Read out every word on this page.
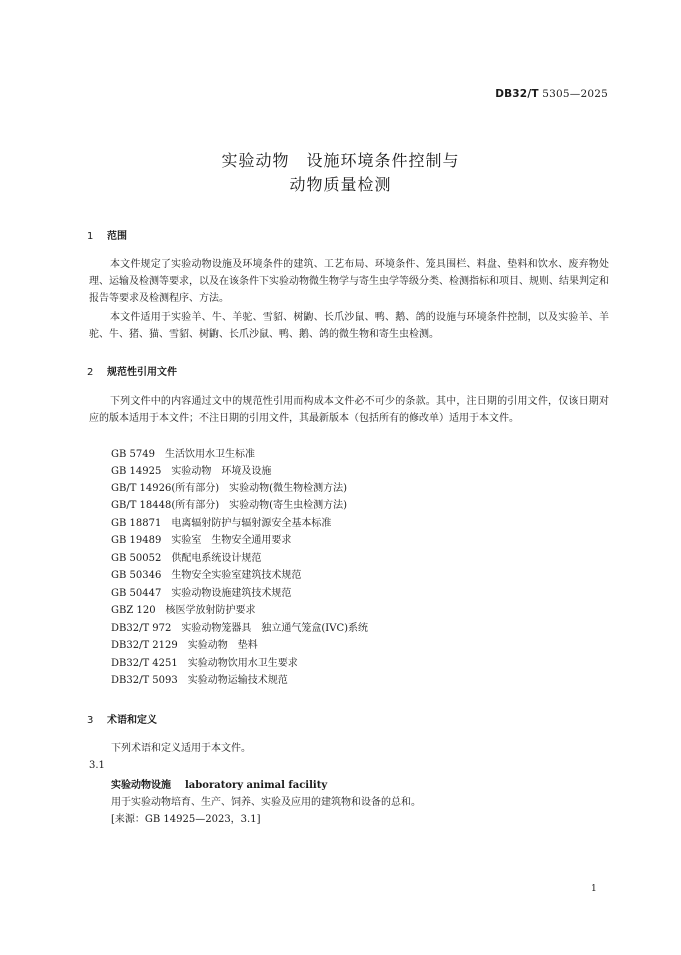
DB32/T 5305—2025
实验动物　设施环境条件控制与
动物质量检测
1 范围

本文件规定了实验动物设施及环境条件的建筑、工艺布局、环境条件、笼具围栏、料盘、垫料和饮水、废弃物处理、运输及检测等要求，以及在该条件下实验动物微生物学与寄生虫学等级分类、检测指标和项目、规则、结果判定和报告等要求及检测程序、方法。

本文件适用于实验羊、牛、羊驼、雪貂、树鼩、长爪沙鼠、鸭、鹅、鸽的设施与环境条件控制，以及实验羊、羊驼、牛、猪、猫、雪貂、树鼩、长爪沙鼠、鸭、鹅、鸽的微生物和寄生虫检测。

2 规范性引用文件

下列文件中的内容通过文中的规范性引用而构成本文件必不可少的条款。其中，注日期的引用文件，仅该日期对应的版本适用于本文件；不注日期的引用文件，其最新版本（包括所有的修改单）适用于本文件。

GB 5749　生活饮用水卫生标准
GB 14925　实验动物　环境及设施
GB/T 14926(所有部分)　实验动物(微生物检测方法)
GB/T 18448(所有部分)　实验动物(寄生虫检测方法)
GB 18871　电离辐射防护与辐射源安全基本标准
GB 19489　实验室　生物安全通用要求
GB 50052　供配电系统设计规范
GB 50346　生物安全实验室建筑技术规范
GB 50447　实验动物设施建筑技术规范
GBZ 120　核医学放射防护要求
DB32/T 972　实验动物笼器具　独立通气笼盒(IVC)系统
DB32/T 2129　实验动物　垫料
DB32/T 4251　实验动物饮用水卫生要求
DB32/T 5093　实验动物运输技术规范
3 术语和定义
下列术语和定义适用于本文件。
3.1
实验动物设施 laboratory animal facility
用于实验动物培育、生产、饲养、实验及应用的建筑物和设备的总和。
[来源：GB 14925—2023，3.1]
1
